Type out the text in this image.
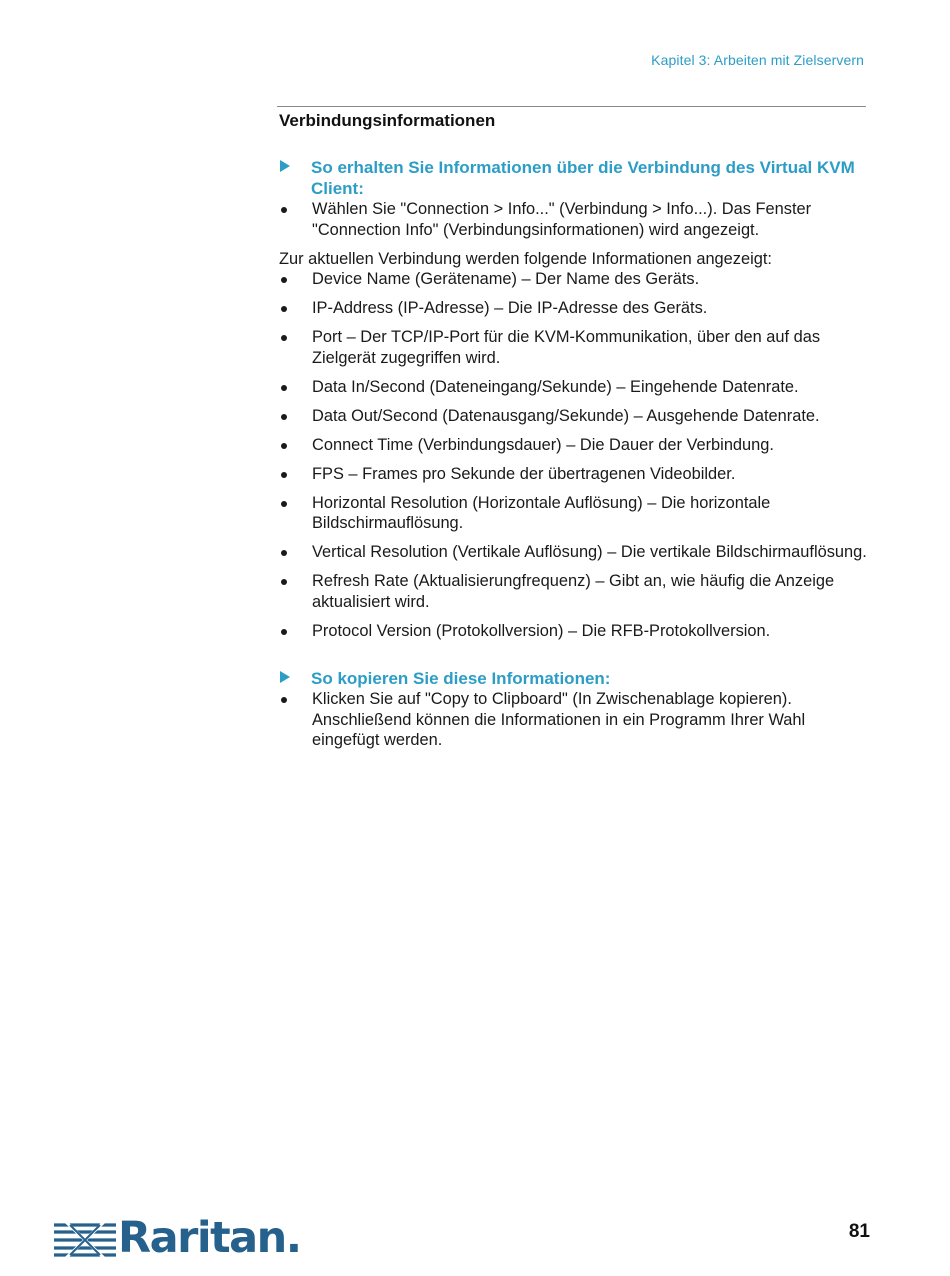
Kapitel 3: Arbeiten mit Zielservern
Verbindungsinformationen
So erhalten Sie Informationen über die Verbindung des Virtual KVM Client:
Wählen Sie "Connection > Info..." (Verbindung > Info...). Das Fenster "Connection Info" (Verbindungsinformationen) wird angezeigt.

Zur aktuellen Verbindung werden folgende Informationen angezeigt:

Device Name (Gerätename) – Der Name des Geräts.
IP-Address (IP-Adresse) – Die IP-Adresse des Geräts.
Port – Der TCP/IP-Port für die KVM-Kommunikation, über den auf das Zielgerät zugegriffen wird.
Data In/Second (Dateneingang/Sekunde) – Eingehende Datenrate.
Data Out/Second (Datenausgang/Sekunde) – Ausgehende Datenrate.
Connect Time (Verbindungsdauer) – Die Dauer der Verbindung.
FPS – Frames pro Sekunde der übertragenen Videobilder.
Horizontal Resolution (Horizontale Auflösung) – Die horizontale Bildschirmauflösung.
Vertical Resolution (Vertikale Auflösung) – Die vertikale Bildschirmauflösung.
Refresh Rate (Aktualisierungfrequenz) – Gibt an, wie häufig die Anzeige aktualisiert wird.
Protocol Version (Protokollversion) – Die RFB-Protokollversion.
So kopieren Sie diese Informationen:
Klicken Sie auf "Copy to Clipboard" (In Zwischenablage kopieren). Anschließend können die Informationen in ein Programm Ihrer Wahl eingefügt werden.
Raritan.	81
